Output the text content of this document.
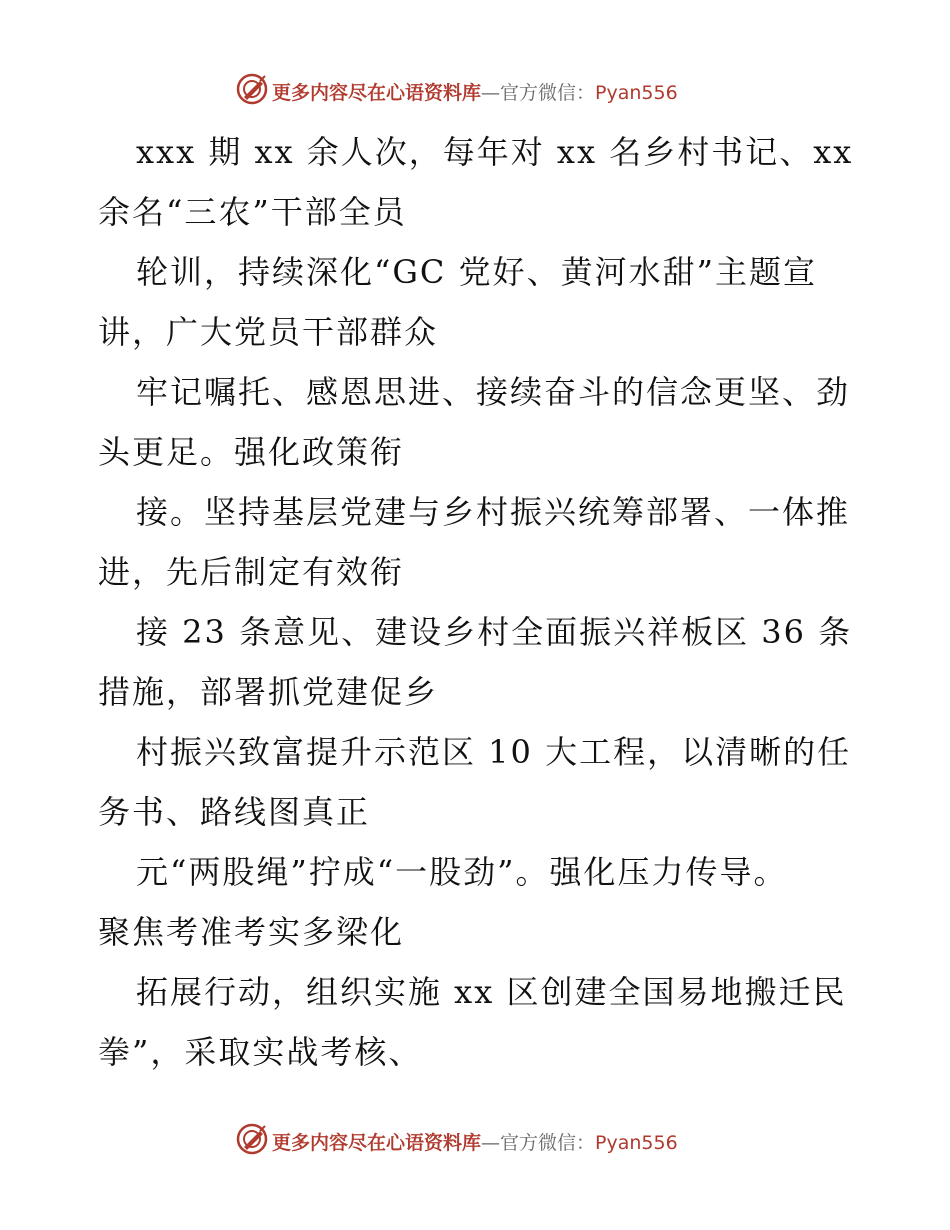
更多内容尽在心语资料库—官方微信：Pyan556
xxx 期 xx 余人次，每年对 xx 名乡村书记、xx
余名“三农”干部全员
轮训，持续深化“GC 党好、黄河水甜”主题宣
讲，广大党员干部群众
牢记嘱托、感恩思进、接续奋斗的信念更坚、劲
头更足。强化政策衔
接。坚持基层党建与乡村振兴统筹部署、一体推
进，先后制定有效衔
接 23 条意见、建设乡村全面振兴祥板区 36 条
措施，部署抓党建促乡
村振兴致富提升示范区 10 大工程，以清晰的任
务书、路线图真正
元“两股绳”拧成“一股劲”。强化压力传导。
聚焦考准考实多梁化
拓展行动，组织实施 xx 区创建全国易地搬迁民
拳”，采取实战考核、
更多内容尽在心语资料库—官方微信：Pyan556
